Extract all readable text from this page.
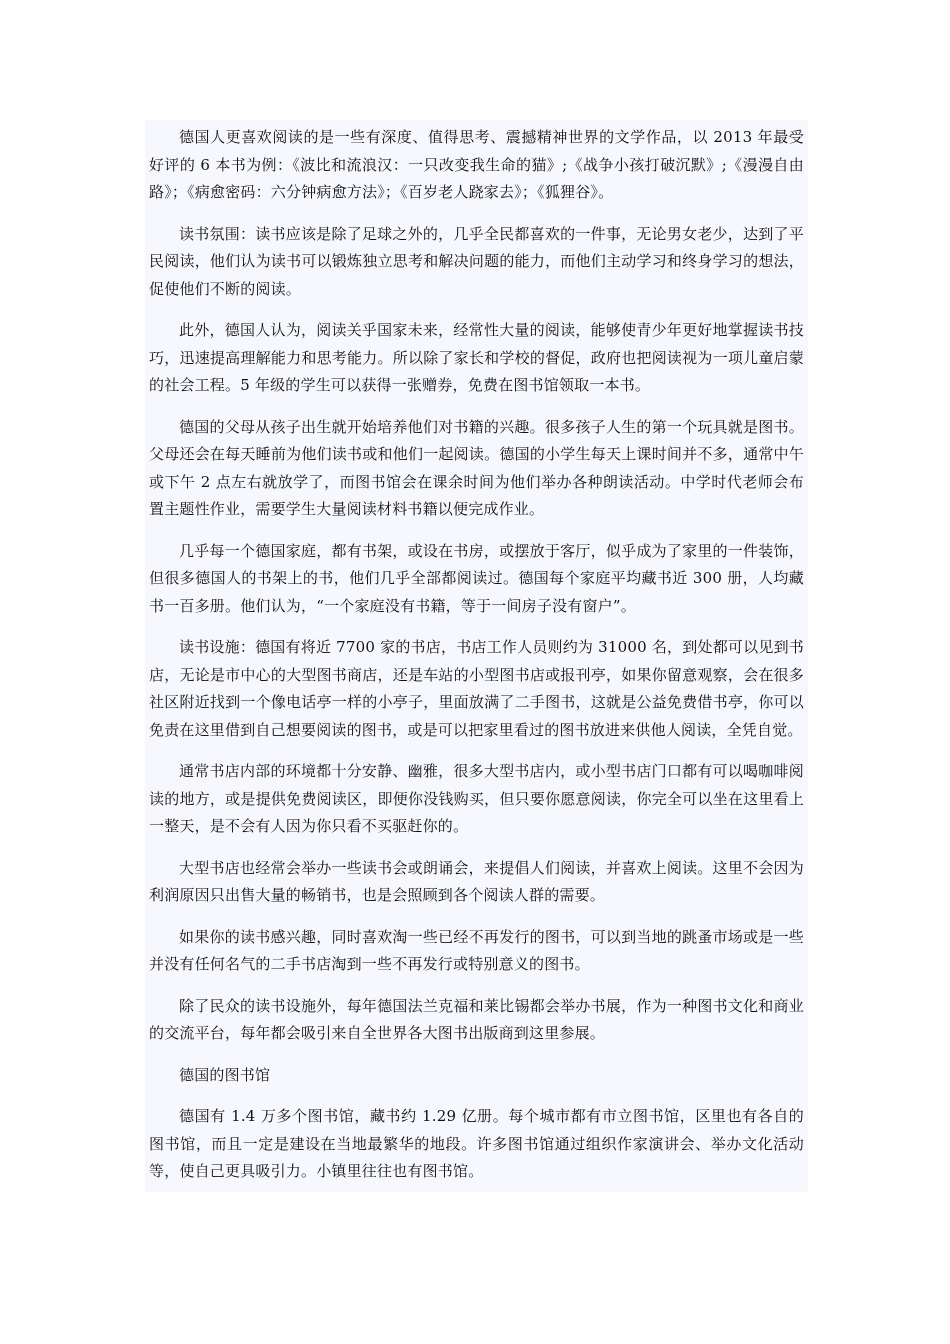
德国人更喜欢阅读的是一些有深度、值得思考、震撼精神世界的文学作品，以 2013 年最受好评的 6 本书为例：《波比和流浪汉：一只改变我生命的猫》;《战争小孩打破沉默》;《漫漫自由路》；《病愈密码：六分钟病愈方法》；《百岁老人跷家去》；《狐狸谷》。

读书氛围：读书应该是除了足球之外的，几乎全民都喜欢的一件事，无论男女老少，达到了平民阅读，他们认为读书可以锻炼独立思考和解决问题的能力，而他们主动学习和终身学习的想法，促使他们不断的阅读。

此外，德国人认为，阅读关乎国家未来，经常性大量的阅读，能够使青少年更好地掌握读书技巧，迅速提高理解能力和思考能力。所以除了家长和学校的督促，政府也把阅读视为一项儿童启蒙的社会工程。5 年级的学生可以获得一张赠券，免费在图书馆领取一本书。

德国的父母从孩子出生就开始培养他们对书籍的兴趣。很多孩子人生的第一个玩具就是图书。父母还会在每天睡前为他们读书或和他们一起阅读。德国的小学生每天上课时间并不多，通常中午或下午 2 点左右就放学了，而图书馆会在课余时间为他们举办各种朗读活动。中学时代老师会布置主题性作业，需要学生大量阅读材料书籍以便完成作业。

几乎每一个德国家庭，都有书架，或设在书房，或摆放于客厅，似乎成为了家里的一件装饰，但很多德国人的书架上的书，他们几乎全部都阅读过。德国每个家庭平均藏书近 300 册，人均藏书一百多册。他们认为，“一个家庭没有书籍，等于一间房子没有窗户”。

读书设施：德国有将近 7700 家的书店，书店工作人员则约为 31000 名，到处都可以见到书店，无论是市中心的大型图书商店，还是车站的小型图书店或报刊亭，如果你留意观察，会在很多社区附近找到一个像电话亭一样的小亭子，里面放满了二手图书，这就是公益免费借书亭，你可以免责在这里借到自己想要阅读的图书，或是可以把家里看过的图书放进来供他人阅读，全凭自觉。

通常书店内部的环境都十分安静、幽雅，很多大型书店内，或小型书店门口都有可以喝咖啡阅读的地方，或是提供免费阅读区，即便你没钱购买，但只要你愿意阅读，你完全可以坐在这里看上一整天，是不会有人因为你只看不买驱赶你的。

大型书店也经常会举办一些读书会或朗诵会，来提倡人们阅读，并喜欢上阅读。这里不会因为利润原因只出售大量的畅销书，也是会照顾到各个阅读人群的需要。

如果你的读书感兴趣，同时喜欢淘一些已经不再发行的图书，可以到当地的跳蚤市场或是一些并没有任何名气的二手书店淘到一些不再发行或特别意义的图书。

除了民众的读书设施外，每年德国法兰克福和莱比锡都会举办书展，作为一种图书文化和商业的交流平台，每年都会吸引来自全世界各大图书出版商到这里参展。

德国的图书馆

德国有 1.4 万多个图书馆，藏书约 1.29 亿册。每个城市都有市立图书馆，区里也有各自的图书馆，而且一定是建设在当地最繁华的地段。许多图书馆通过组织作家演讲会、举办文化活动等，使自己更具吸引力。小镇里往往也有图书馆。
